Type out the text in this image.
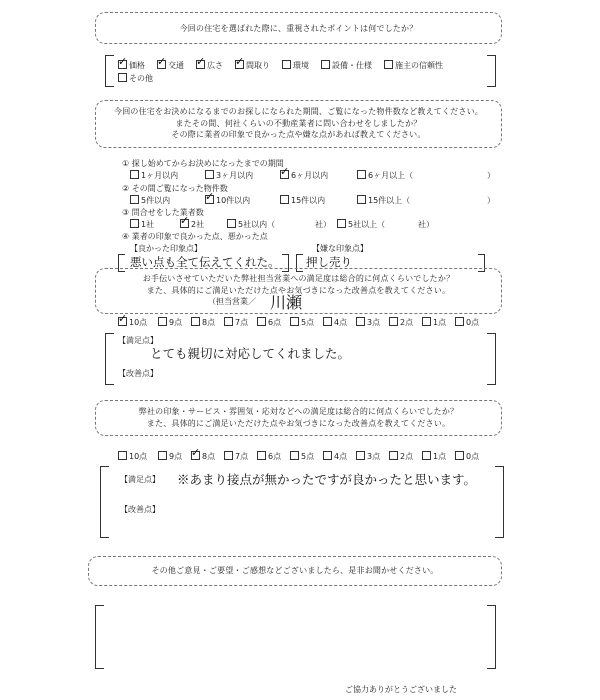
今回の住宅を選ばれた際に、重視されたポイントは何でしたか？
✓価格 ✓	交通 ✓	広さ ✓	間取り	環境	設備・仕様	施主の信頼性
その他
今回の住宅をお決めになるまでのお探しになられた期間、ご覧になった物件数など教えてください。
またその間、何社くらいの不動産業者に問い合わせをしましたか？
その際に業者の印象で良かった点や嫌な点があれば教えてください。
① 探し始めてからお決めになったまでの期間
1ヶ月以内	3ヶ月以内 ✓	6ヶ月以内	6ヶ月以上（	）
② その間ご覧になった物件数
5件以内 ✓	10件以内	15件以内	15件以上（	）
③ 問合せをした業者数
1社 ✓	2社	5社以内（	社）	5社以上（	社）
④ 業者の印象で良かった点、悪かった点
【良かった印象点】	【嫌な印象点】
悪い点も全て伝えてくれた。 押し売り
お手伝いさせていただいた弊社担当営業への満足度は総合的に何点くらいでしたか？
また、具体的にご満足いただけた点やお気づきになった改善点を教えてください。
（担当営業／ 川瀬
✓10点	9点	8点	7点	6点	5点	4点	3点	2点	1点	0点
【満足点】
とても親切に対応してくれました。
【改善点】
弊社の印象・サービス・雰囲気・応対などへの満足度は総合的に何点くらいでしたか？
また、具体的にご満足いただけた点やお気づきになった改善点を教えてください。
10点	9点 ✓	8点	7点	6点	5点	4点	3点	2点	1点	0点
【満足点】 ※あまり接点が無かったですが良かったと思います。
【改善点】
その他ご意見・ご要望・ご感想などございましたら、是非お聞かせください。
ご協力ありがとうございました
